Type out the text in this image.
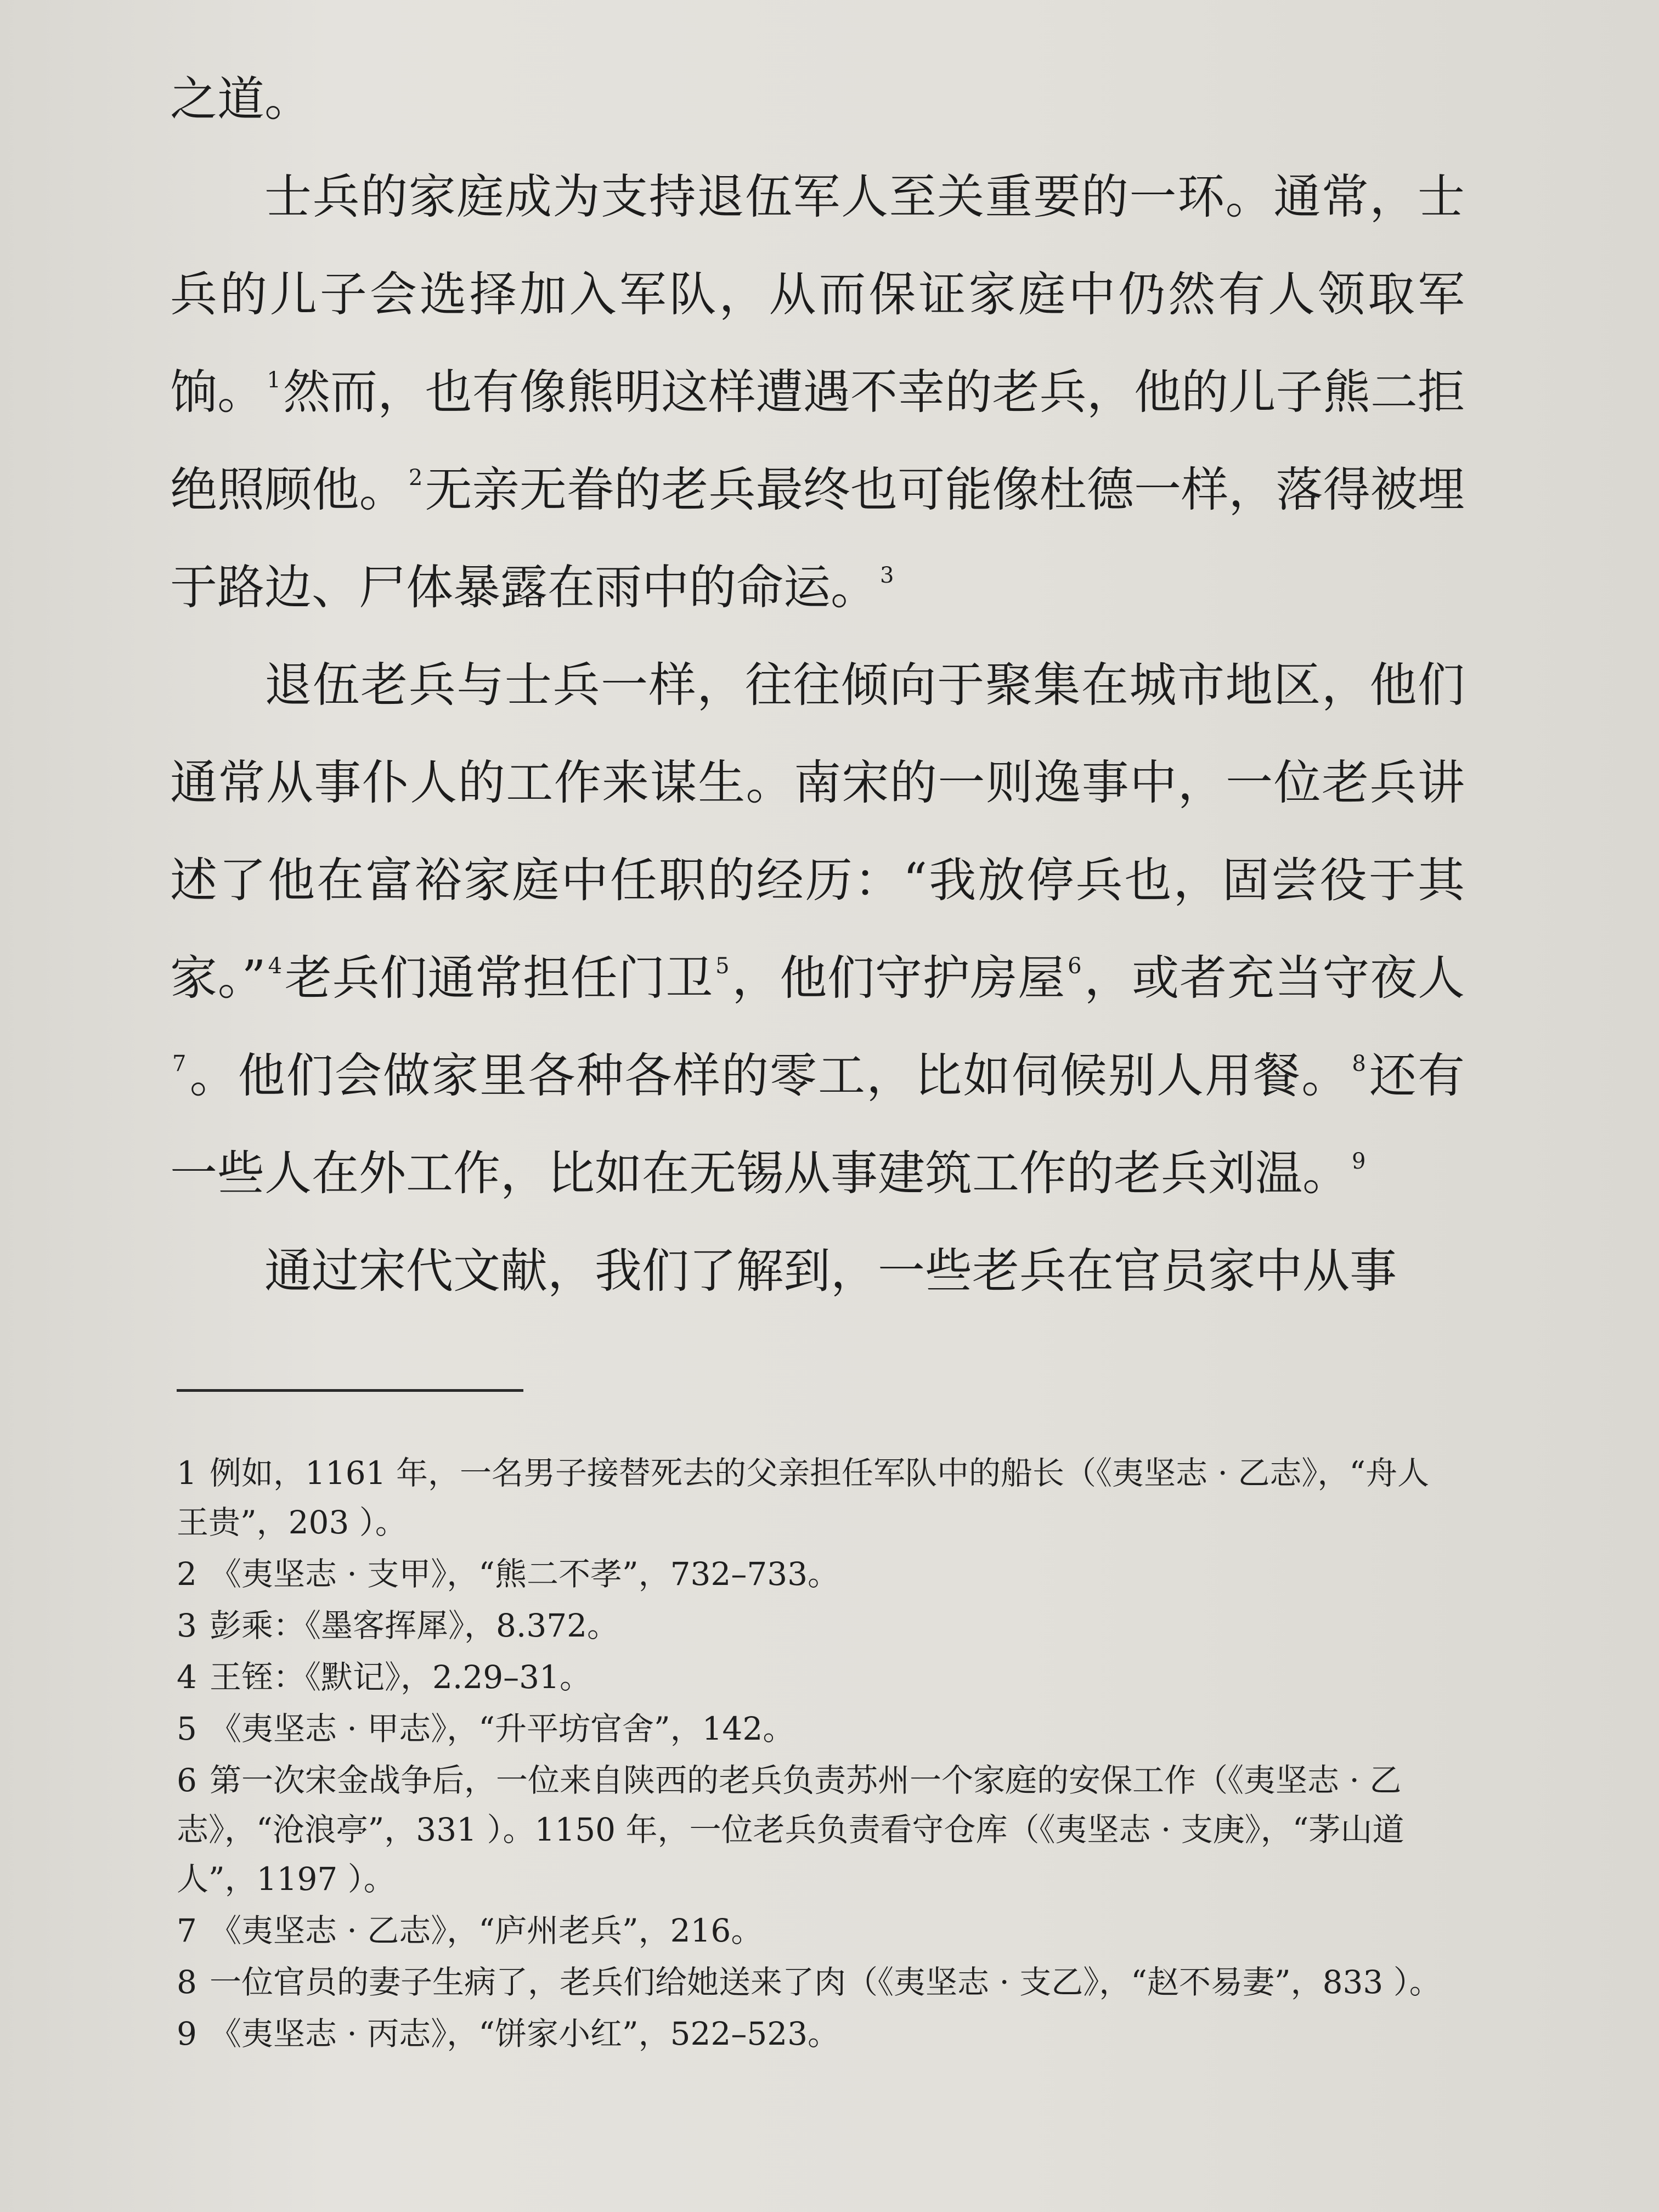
之道。

士兵的家庭成为支持退伍军人至关重要的一环。通常，士兵的儿子会选择加入军队，从而保证家庭中仍然有人领取军饷。 $^1$然而，也有像熊明这样遭遇不幸的老兵，他的儿子熊二拒绝照顾他。 $^2$无亲无眷的老兵最终也可能像杜德一样，落得被埋于路边、尸体暴露在雨中的命运。 $^3$

退伍老兵与士兵一样，往往倾向于聚集在城市地区，他们通常从事仆人的工作来谋生。南宋的一则逸事中，一位老兵讲述了他在富裕家庭中任职的经历：“我放停兵也，固尝役于其家。” $^4$老兵们通常担任门卫 $^5$，他们守护房屋 $^6$，或者充当守夜人$^7$。他们会做家里各种各样的零工，比如伺候别人用餐。 $^8$还有一些人在外工作，比如在无锡从事建筑工作的老兵刘温。 $^9$

通过宋代文献，我们了解到，一些老兵在官员家中从事

1 例如，1161 年，一名男子接替死去的父亲担任军队中的船长（《夷坚志 · 乙志》，“舟人王贵”，203 ）。
2 《夷坚志 · 支甲》，“熊二不孝”，732–733。
3 彭乘：《墨客挥犀》，8.372。
4 王铚：《默记》，2.29–31。
5 《夷坚志 · 甲志》，“升平坊官舍”，142。
6 第一次宋金战争后，一位来自陕西的老兵负责苏州一个家庭的安保工作（《夷坚志 · 乙志》，“沧浪亭”，331 ）。1150 年，一位老兵负责看守仓库（《夷坚志 · 支庚》，“茅山道人”，1197 ）。
7 《夷坚志 · 乙志》，“庐州老兵”，216。
8 一位官员的妻子生病了，老兵们给她送来了肉（《夷坚志 · 支乙》，“赵不易妻”，833 ）。
9 《夷坚志 · 丙志》，“饼家小红”，522–523。
